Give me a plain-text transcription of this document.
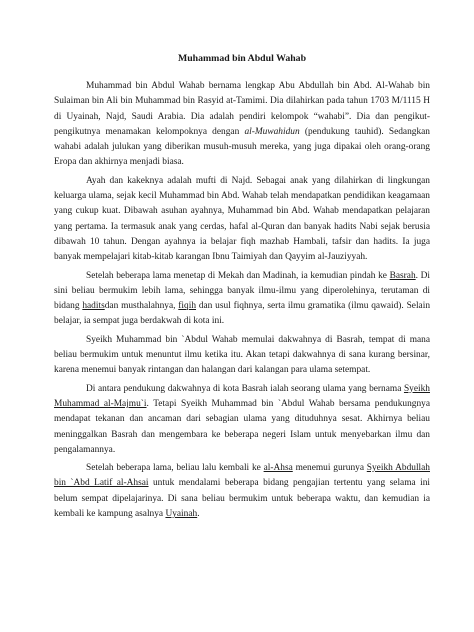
Muhammad bin Abdul Wahab

Muhammad bin Abdul Wahab bernama lengkap Abu Abdullah bin Abd. Al-Wahab bin Sulaiman bin Ali bin Muhammad bin Rasyid at-Tamimi. Dia dilahirkan pada tahun 1703 M/1115 H di Uyainah, Najd, Saudi Arabia. Dia adalah pendiri kelompok “wahabi”. Dia dan pengikut-pengikutnya menamakan kelompoknya dengan al-Muwahidun (pendukung tauhid). Sedangkan wahabi adalah julukan yang diberikan musuh-musuh mereka, yang juga dipakai oleh orang-orang Eropa dan akhirnya menjadi biasa.

Ayah dan kakeknya adalah mufti di Najd. Sebagai anak yang dilahirkan di lingkungan keluarga ulama, sejak kecil Muhammad bin Abd. Wahab telah mendapatkan pendidikan keagamaan yang cukup kuat. Dibawah asuhan ayahnya, Muhammad bin Abd. Wahab mendapatkan pelajaran yang pertama. Ia termasuk anak yang cerdas, hafal al-Quran dan banyak hadits Nabi sejak berusia dibawah 10 tahun. Dengan ayahnya ia belajar fiqh mazhab Hambali, tafsir dan hadits. Ia juga banyak mempelajari kitab-kitab karangan Ibnu Taimiyah dan Qayyim al-Jauziyyah.

Setelah beberapa lama menetap di Mekah dan Madinah, ia kemudian pindah ke Basrah. Di sini beliau bermukim lebih lama, sehingga banyak ilmu-ilmu yang diperolehinya, terutaman di bidang haditsdan musthalahnya, fiqih dan usul fiqhnya, serta ilmu gramatika (ilmu qawaid). Selain belajar, ia sempat juga berdakwah di kota ini.

Syeikh Muhammad bin `Abdul Wahab memulai dakwahnya di Basrah, tempat di mana beliau bermukim untuk menuntut ilmu ketika itu. Akan tetapi dakwahnya di sana kurang bersinar, karena menemui banyak rintangan dan halangan dari kalangan para ulama setempat.

Di antara pendukung dakwahnya di kota Basrah ialah seorang ulama yang bernama Syeikh Muhammad al-Majmu`i. Tetapi Syeikh Muhammad bin `Abdul Wahab bersama pendukungnya mendapat tekanan dan ancaman dari sebagian ulama yang dituduhnya sesat. Akhirnya beliau meninggalkan Basrah dan mengembara ke beberapa negeri Islam untuk menyebarkan ilmu dan pengalamannya.

Setelah beberapa lama, beliau lalu kembali ke al-Ahsa menemui gurunya Syeikh Abdullah bin `Abd Latif al-Ahsai untuk mendalami beberapa bidang pengajian tertentu yang selama ini belum sempat dipelajarinya. Di sana beliau bermukim untuk beberapa waktu, dan kemudian ia kembali ke kampung asalnya Uyainah.
